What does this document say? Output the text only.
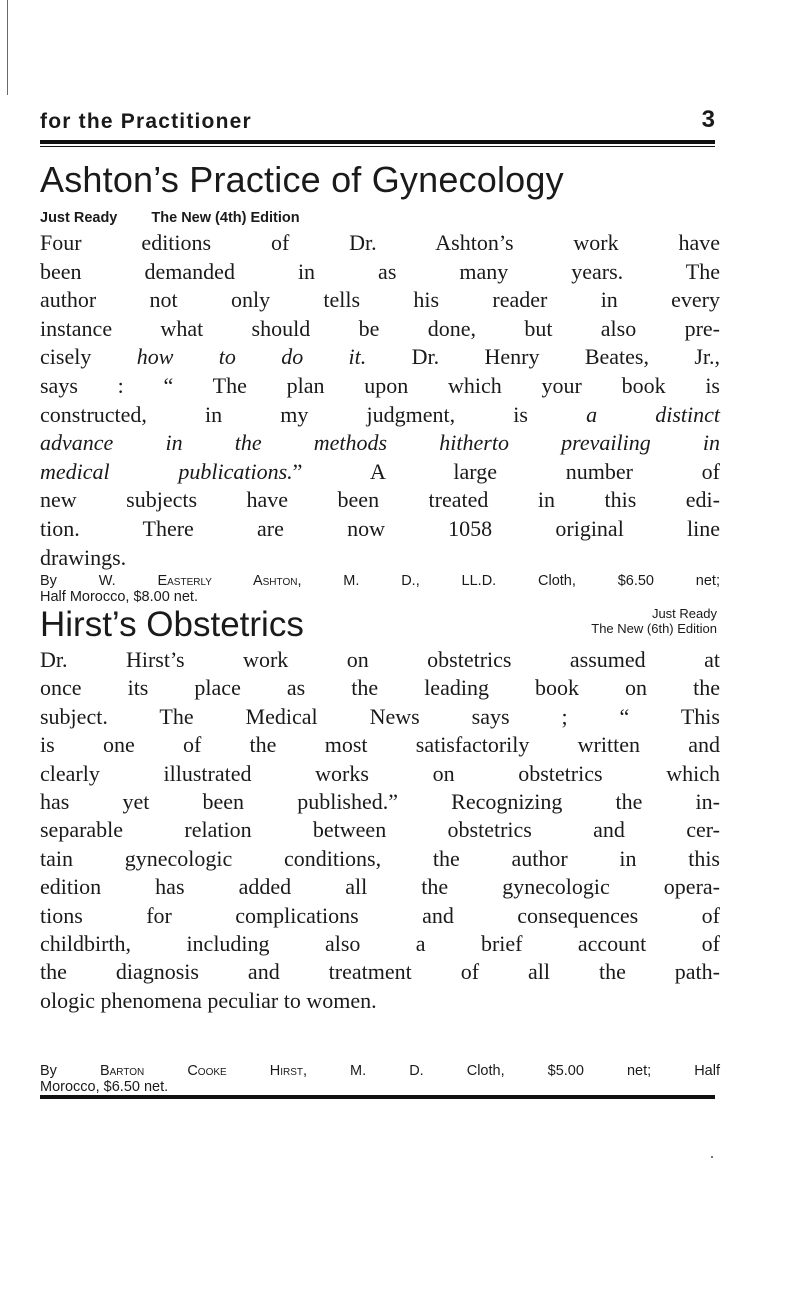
for the Practitioner	3
Ashton’s Practice of Gynecology
Just Ready The New (4th) Edition
Four editions of Dr. Ashton’s work have
been demanded in as many years. The
author not only tells his reader in every
instance what should be done, but also pre-
cisely how to do it. Dr. Henry Beates, Jr.,
says : “ The plan upon which your book is
constructed, in my judgment, is a distinct
advance in the methods hitherto prevailing in
medical publications.” A large number of
new subjects have been treated in this edi-
tion. There are now 1058 original line
drawings.
By W. Easterly Ashton, M. D., LL.D. Cloth, $6.50 net;
Half Morocco, $8.00 net.
Hirst’s Obstetrics	Just Ready
The New (6th) Edition
Dr. Hirst’s work on obstetrics assumed at
once its place as the leading book on the
subject. The Medical News says ; “ This
is one of the most satisfactorily written and
clearly illustrated works on obstetrics which
has yet been published.” Recognizing the in-
separable relation between obstetrics and cer-
tain gynecologic conditions, the author in this
edition has added all the gynecologic opera-
tions for complications and consequences of
childbirth, including also a brief account of
the diagnosis and treatment of all the path-
ologic phenomena peculiar to women.
By Barton Cooke Hirst, M. D. Cloth, $5.00 net; Half
Morocco, $6.50 net.
